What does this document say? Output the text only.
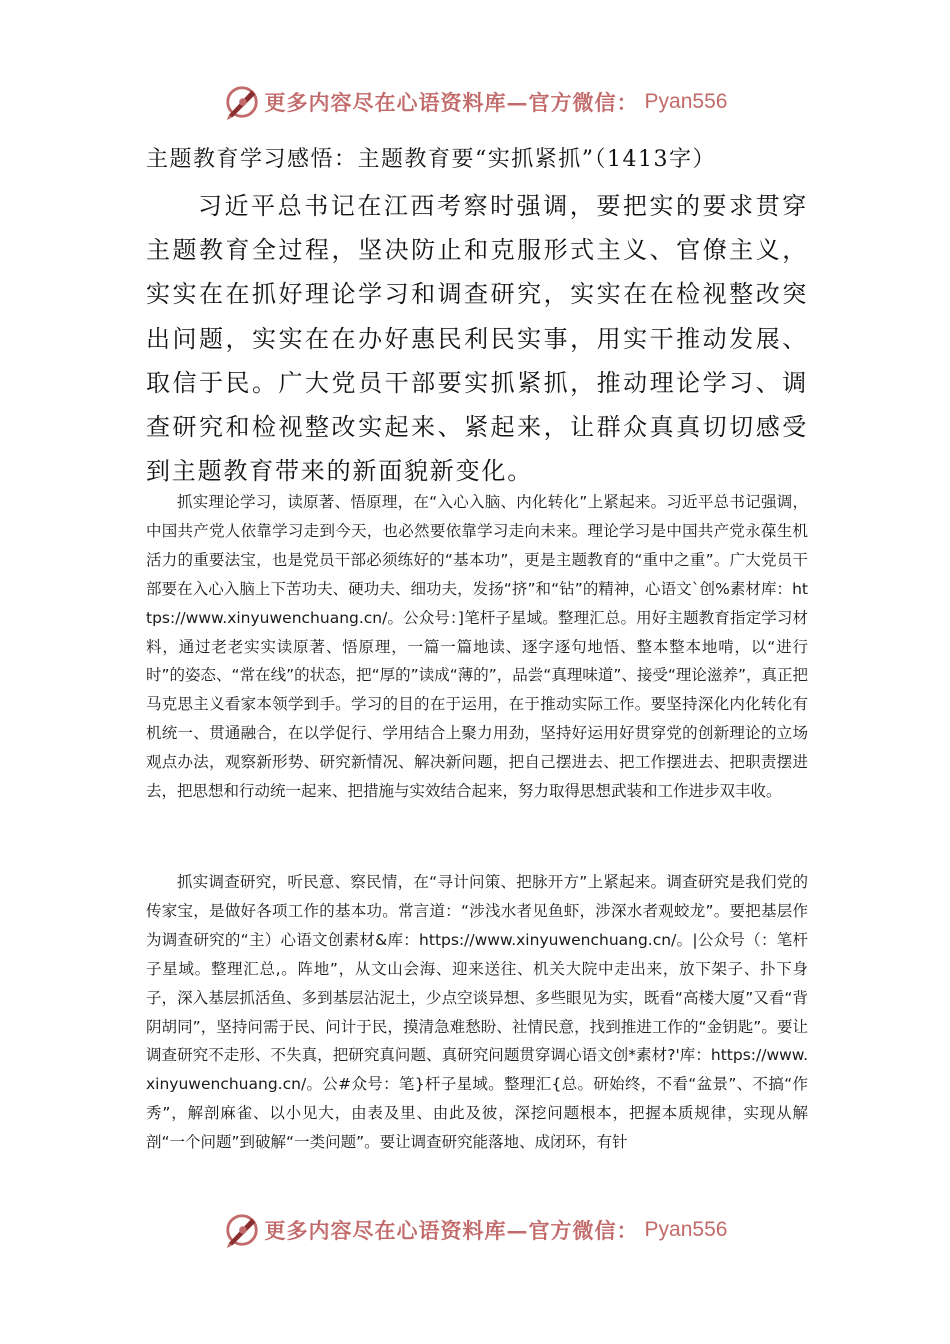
更多内容尽在心语资料库—官方微信： Pyan556
主题教育学习感悟：主题教育要“实抓紧抓”（1413字）

习近平总书记在江西考察时强调，要把实的要求贯穿主题教育全过程，坚决防止和克服形式主义、官僚主义，实实在在抓好理论学习和调查研究，实实在在检视整改突出问题，实实在在办好惠民利民实事，用实干推动发展、取信于民。广大党员干部要实抓紧抓，推动理论学习、调查研究和检视整改实起来、紧起来，让群众真真切切感受到主题教育带来的新面貌新变化。

抓实理论学习，读原著、悟原理，在“入心入脑、内化转化”上紧起来。习近平总书记强调，中国共产党人依靠学习走到今天，也必然要依靠学习走向未来。理论学习是中国共产党永葆生机活力的重要法宝，也是党员干部必须练好的“基本功”，更是主题教育的“重中之重”。广大党员干部要在入心入脑上下苦功夫、硬功夫、细功夫，发扬“挤”和“钻”的精神，心语文`创%素材库：https://www.xinyuwenchuang.cn/。公众号：]笔杆子星域。整理汇总。用好主题教育指定学习材料，通过老老实实读原著、悟原理，一篇一篇地读、逐字逐句地悟、整本整本地啃，以“进行时”的姿态、“常在线”的状态，把“厚的”读成“薄的”，品尝“真理味道”、接受“理论滋养”，真正把马克思主义看家本领学到手。学习的目的在于运用，在于推动实际工作。要坚持深化内化转化有机统一、贯通融合，在以学促行、学用结合上聚力用劲，坚持好运用好贯穿党的创新理论的立场观点办法，观察新形势、研究新情况、解决新问题，把自己摆进去、把工作摆进去、把职责摆进去，把思想和行动统一起来、把措施与实效结合起来，努力取得思想武装和工作进步双丰收。

抓实调查研究，听民意、察民情，在“寻计问策、把脉开方”上紧起来。调查研究是我们党的传家宝，是做好各项工作的基本功。常言道：“涉浅水者见鱼虾，涉深水者观蛟龙”。要把基层作为调查研究的“主）心语文创素材&库：https://www.xinyuwenchuang.cn/。|公众号（：笔杆子星域。整理汇总,。阵地”，从文山会海、迎来送往、机关大院中走出来，放下架子、扑下身子，深入基层抓活鱼、多到基层沾泥土，少点空谈异想、多些眼见为实，既看“高楼大厦”又看“背阴胡同”，坚持问需于民、问计于民，摸清急难愁盼、社情民意，找到推进工作的“金钥匙”。要让调查研究不走形、不失真，把研究真问题、真研究问题贯穿调心语文创*素材?'库：https://www.xinyuwenchuang.cn/。公#众号：笔}杆子星域。整理汇{总。研始终，不看“盆景”、不搞“作秀”，解剖麻雀、以小见大，由表及里、由此及彼，深挖问题根本，把握本质规律，实现从解剖“一个问题”到破解“一类问题”。要让调查研究能落地、成闭环，有针

更多内容尽在心语资料库—官方微信： Pyan556
